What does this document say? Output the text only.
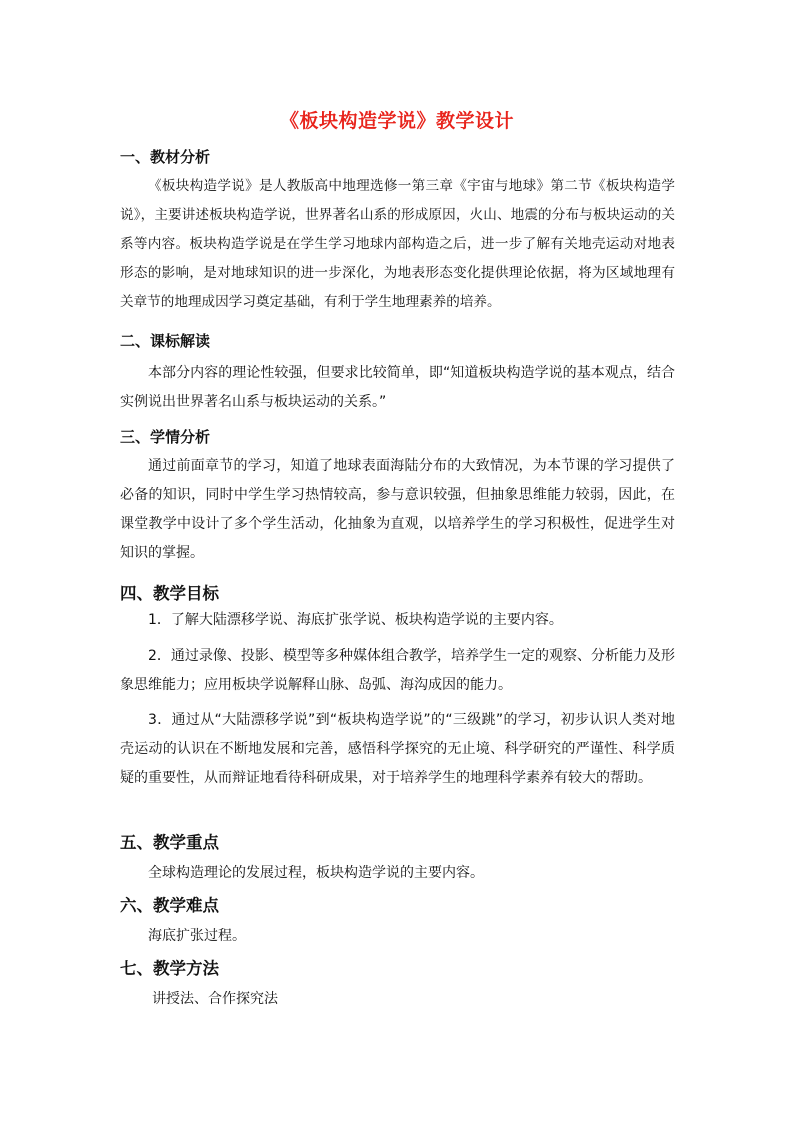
《板块构造学说》教学设计
一、教材分析
《板块构造学说》是人教版高中地理选修一第三章《宇宙与地球》第二节《板块构造学说》，主要讲述板块构造学说，世界著名山系的形成原因，火山、地震的分布与板块运动的关系等内容。板块构造学说是在学生学习地球内部构造之后，进一步了解有关地壳运动对地表形态的影响，是对地球知识的进一步深化，为地表形态变化提供理论依据，将为区域地理有关章节的地理成因学习奠定基础，有利于学生地理素养的培养。
二、课标解读
本部分内容的理论性较强，但要求比较简单，即“知道板块构造学说的基本观点，结合实例说出世界著名山系与板块运动的关系。”
三、学情分析
通过前面章节的学习，知道了地球表面海陆分布的大致情况，为本节课的学习提供了必备的知识，同时中学生学习热情较高，参与意识较强，但抽象思维能力较弱，因此，在课堂教学中设计了多个学生活动，化抽象为直观，以培养学生的学习积极性，促进学生对知识的掌握。
四、教学目标
1．了解大陆漂移学说、海底扩张学说、板块构造学说的主要内容。
2．通过录像、投影、模型等多种媒体组合教学，培养学生一定的观察、分析能力及形象思维能力；应用板块学说解释山脉、岛弧、海沟成因的能力。
3．通过从“大陆漂移学说”到“板块构造学说”的“三级跳”的学习，初步认识人类对地壳运动的认识在不断地发展和完善，感悟科学探究的无止境、科学研究的严谨性、科学质疑的重要性，从而辩证地看待科研成果，对于培养学生的地理科学素养有较大的帮助。
五、教学重点
全球构造理论的发展过程，板块构造学说的主要内容。
六、教学难点
海底扩张过程。
七、教学方法
讲授法、合作探究法
